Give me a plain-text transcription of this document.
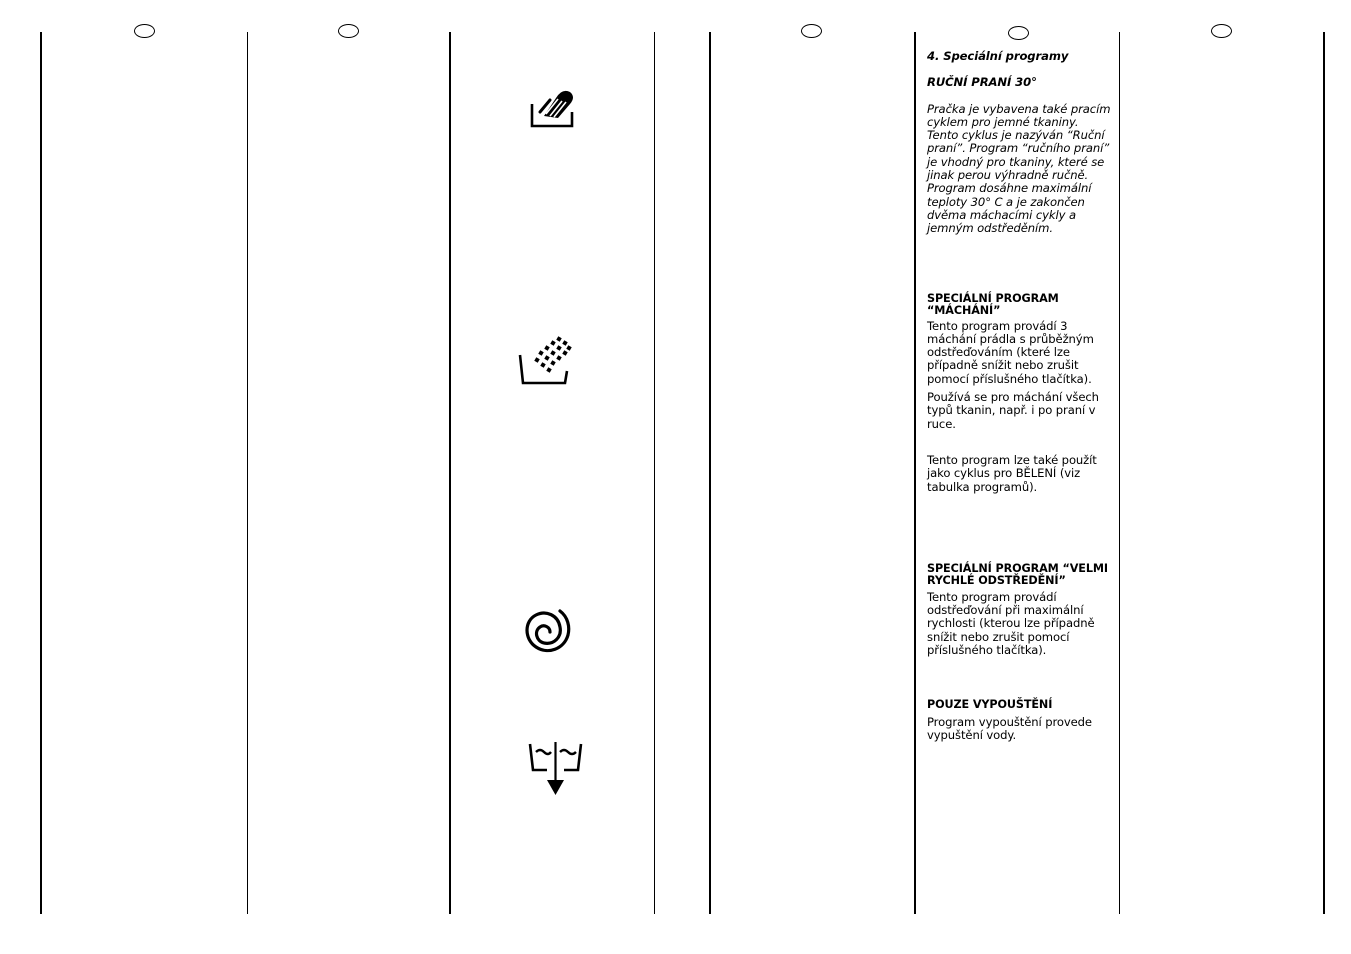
4. Speciální programy

RUČNÍ PRANÍ 30°

Pračka je vybavena také pracím cyklem pro jemné tkaniny. Tento cyklus je nazýván “Ruční praní”. Program “ručního praní” je vhodný pro tkaniny, které se jinak perou výhradně ručně. Program dosáhne maximální teploty 30° C a je zakončen dvěma máchacími cykly a jemným odstředěním.

SPECIÁLNÍ PROGRAM “MÁCHÁNÍ”

Tento program provádí 3 máchání prádla s průběžným odstřeďováním (které lze případně snížit nebo zrušit pomocí příslušného tlačítka).

Používá se pro máchání všech typů tkanin, např. i po praní v ruce.

Tento program lze také použít jako cyklus pro BĚLENÍ (viz tabulka programů).

SPECIÁLNÍ PROGRAM “VELMI RYCHLÉ ODSTŘEDĚNÍ”

Tento program provádí odstřeďování při maximální rychlosti (kterou lze případně snížit nebo zrušit pomocí příslušného tlačítka).

POUZE VYPOUŠTĚNÍ

Program vypouštění provede vypuštění vody.
